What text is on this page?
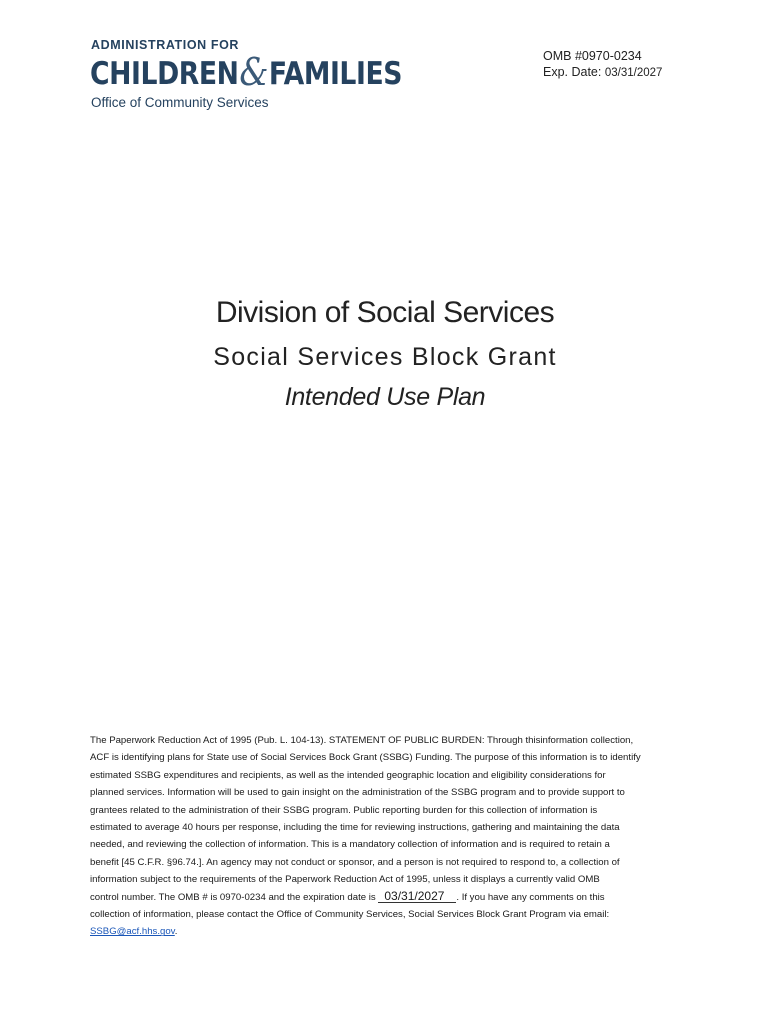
ADMINISTRATION FOR
CHILDREN&FAMILIES
Office of Community Services
OMB #0970-0234
Exp. Date: 03/31/2027
Division of Social Services
Social Services Block Grant
Intended Use Plan
The Paperwork Reduction Act of 1995 (Pub. L. 104-13). STATEMENT OF PUBLIC BURDEN: Through thisinformation collection,
ACF is identifying plans for State use of Social Services Bock Grant (SSBG) Funding. The purpose of this information is to identify
estimated SSBG expenditures and recipients, as well as the intended geographic location and eligibility considerations for
planned services. Information will be used to gain insight on the administration of the SSBG program and to provide support to
grantees related to the administration of their SSBG program. Public reporting burden for this collection of information is
estimated to average 40 hours per response, including the time for reviewing instructions, gathering and maintaining the data
needed, and reviewing the collection of information. This is a mandatory collection of information and is required to retain a
benefit [45 C.F.R. §96.74.]. An agency may not conduct or sponsor, and a person is not required to respond to, a collection of
information subject to the requirements of the Paperwork Reduction Act of 1995, unless it displays a currently valid OMB
control number. The OMB # is 0970-0234 and the expiration date is 03/31/2027 . If you have any comments on this
collection of information, please contact the Office of Community Services, Social Services Block Grant Program via email:
SSBG@acf.hhs.gov.
